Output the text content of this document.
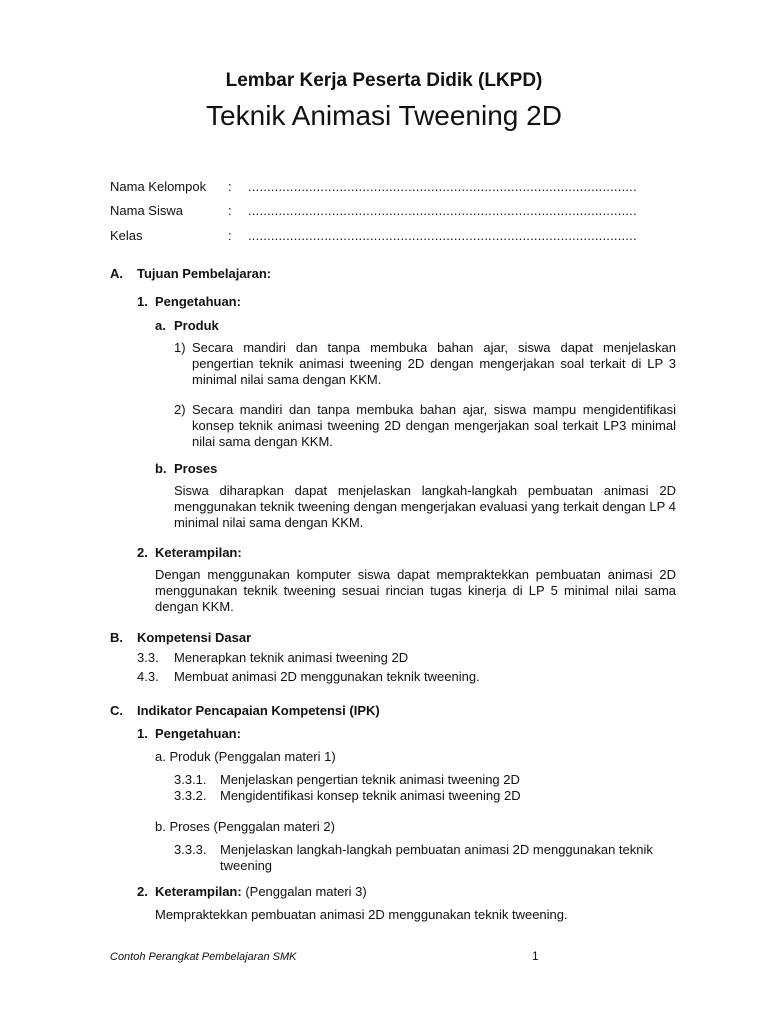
Lembar Kerja Peserta Didik (LKPD)
Teknik Animasi Tweening 2D
Nama Kelompok : ......................................................................................................
Nama Siswa	: ......................................................................................................
Kelas	: ......................................................................................................
A. Tujuan Pembelajaran:
1. Pengetahuan:
a. Produk
1) Secara mandiri dan tanpa membuka bahan ajar, siswa dapat menjelaskan pengertian teknik animasi tweening 2D dengan mengerjakan soal terkait di LP 3 minimal nilai sama dengan KKM.
2) Secara mandiri dan tanpa membuka bahan ajar, siswa mampu mengidentifikasi konsep teknik animasi tweening 2D dengan mengerjakan soal terkait LP3 minimal nilai sama dengan KKM.
b. Proses
Siswa diharapkan dapat menjelaskan langkah-langkah pembuatan animasi 2D menggunakan teknik tweening dengan mengerjakan evaluasi yang terkait dengan LP 4 minimal nilai sama dengan KKM.
2. Keterampilan:
Dengan menggunakan komputer siswa dapat mempraktekkan pembuatan animasi 2D menggunakan teknik tweening sesuai rincian tugas kinerja di LP 5 minimal nilai sama dengan KKM.
B. Kompetensi Dasar
3.3. Menerapkan teknik animasi tweening 2D
4.3. Membuat animasi 2D menggunakan teknik tweening.
C. Indikator Pencapaian Kompetensi (IPK)
1. Pengetahuan:
a. Produk (Penggalan materi 1)
3.3.1. Menjelaskan pengertian teknik animasi tweening 2D
3.3.2. Mengidentifikasi konsep teknik animasi tweening 2D
b. Proses (Penggalan materi 2)
3.3.3. Menjelaskan langkah-langkah pembuatan animasi 2D menggunakan teknik tweening
2. Keterampilan: (Penggalan materi 3)
Mempraktekkan pembuatan animasi 2D menggunakan teknik tweening.
Contoh Perangkat Pembelajaran SMK	1
